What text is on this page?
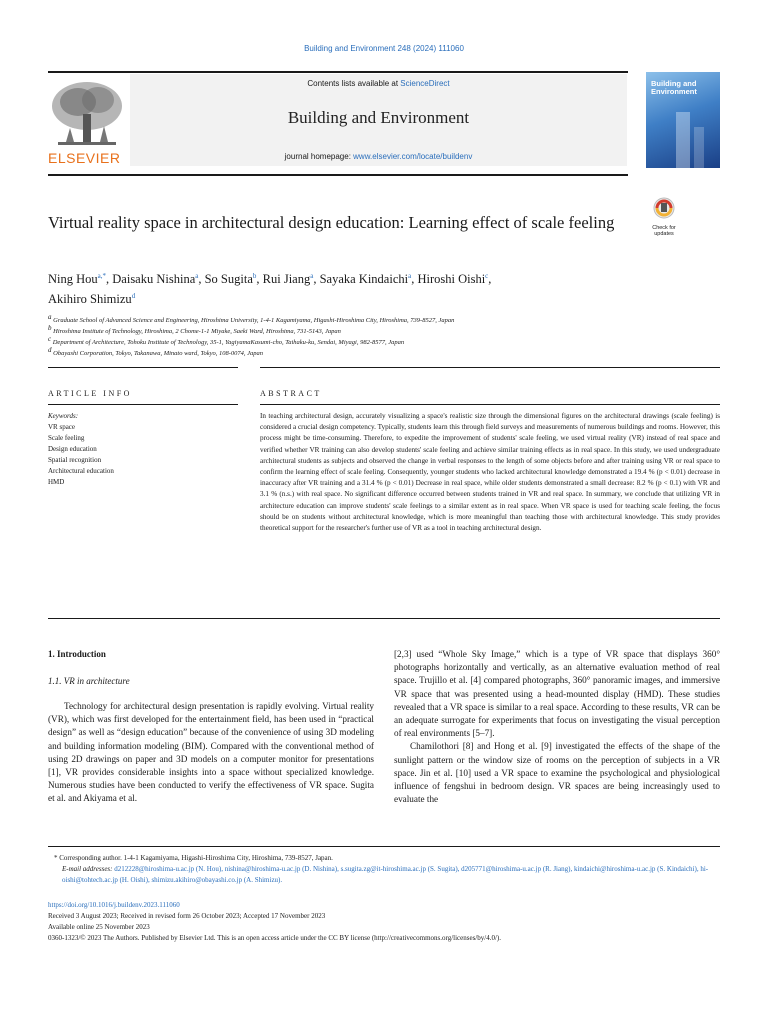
Building and Environment 248 (2024) 111060
ELSEVIER
Contents lists available at ScienceDirect
Building and Environment
journal homepage: www.elsevier.com/locate/buildenv
Building and Environment
Check for
updates
Virtual reality space in architectural design education: Learning effect of scale feeling
Ning Hou$^{a,*}$, Daisaku Nishina$^a$, So Sugita$^b$, Rui Jiang$^a$, Sayaka Kindaichi$^a$, Hiroshi Oishi$^c$,
Akihiro Shimizu$^d$
$^a$ Graduate School of Advanced Science and Engineering, Hiroshima University, 1-4-1 Kagamiyama, Higashi-Hiroshima City, Hiroshima, 739-8527, Japan
$^b$ Hiroshima Institute of Technology, Hiroshima, 2 Chome-1-1 Miyake, Saeki Ward, Hiroshima, 731-5143, Japan
$^c$ Department of Architecture, Tohoku Institute of Technology, 35-1, YagiyamaKasumi-cho, Taihaku-ku, Sendai, Miyagi, 982-8577, Japan
$^d$ Obayashi Corporation, Tokyo, Takanawa, Minato ward, Tokyo, 108-0074, Japan
ARTICLE INFO	ABSTRACT
Keywords:
VR space
Scale feeling
Design education
Spatial recognition
Architectural education
HMD
In teaching architectural design, accurately visualizing a space's realistic size through the dimensional figures on the architectural drawings (scale feeling) is considered a crucial design competency. Typically, students learn this through field surveys and measurements of numerous buildings and rooms. However, this process might be time-consuming. Therefore, to expedite the improvement of students' scale feeling, we used virtual reality (VR) instead of real space and verified whether VR training can also develop students' scale feeling and achieve similar training effects as in real space. In this study, we used undergraduate architectural students as subjects and observed the change in verbal responses to the length of some objects before and after training using VR or real space to confirm the learning effect of scale feeling. Consequently, younger students who lacked architectural knowledge demonstrated a 19.4 % (p < 0.01) decrease in inaccuracy after VR training and a 31.4 % (p < 0.01) Decrease in real space, while older students demonstrated a small decrease: 8.2 % (p < 0.1) with VR and 3.1 % (n.s.) with real space. No significant difference occurred between students trained in VR and real space. In summary, we conclude that utilizing VR in architecture education can improve students' scale feelings to a similar extent as in real space. When VR space is used for teaching scale feeling, the focus should be on students without architectural knowledge, which is more meaningful than teaching those with architectural knowledge. This study provides theoretical support for the researcher's further use of VR as a tool in teaching architectural design.
1. Introduction
1.1. VR in architecture

Technology for architectural design presentation is rapidly evolving. Virtual reality (VR), which was first developed for the entertainment field, has been used in “practical design” as well as “design education” because of the convenience of using 3D modeling and building information modeling (BIM). Compared with the conventional method of using 2D drawings on paper and 3D models on a computer monitor for presentations [1], VR provides considerable insights into a space without specialized knowledge. Numerous studies have been conducted to verify the effectiveness of VR space. Sugita et al. and Akiyama et al.

[2,3] used “Whole Sky Image,” which is a type of VR space that displays 360° photographs horizontally and vertically, as an alternative evaluation method of real space. Trujillo et al. [4] compared photographs, 360° panoramic images, and immersive VR space that was presented using a head-mounted display (HMD). These studies revealed that a VR space is similar to a real space. According to these results, VR can be an adequate surrogate for experiments that focus on investigating the visual perception of real environments [5–7].

Chamilothori [8] and Hong et al. [9] investigated the effects of the shape of the sunlight pattern or the window size of rooms on the perception of subjects in a VR space. Jin et al. [10] used a VR space to examine the psychological and physiological influence of fengshui in bedroom design. VR spaces are being increasingly used to evaluate the

* Corresponding author. 1-4-1 Kagamiyama, Higashi-Hiroshima City, Hiroshima, 739-8527, Japan.
E-mail addresses: d212228@hiroshima-u.ac.jp (N. Hou), nishina@hiroshima-u.ac.jp (D. Nishina), s.sugita.zg@it-hiroshima.ac.jp (S. Sugita), d205771@hiroshima-u.ac.jp (R. Jiang), kindaichi@hiroshima-u.ac.jp (S. Kindaichi), hi-oishi@tohtech.ac.jp (H. Oishi), shimizu.akihiro@obayashi.co.jp (A. Shimizu).
https://doi.org/10.1016/j.buildenv.2023.111060
Received 3 August 2023; Received in revised form 26 October 2023; Accepted 17 November 2023
Available online 25 November 2023
0360-1323/© 2023 The Authors. Published by Elsevier Ltd. This is an open access article under the CC BY license (http://creativecommons.org/licenses/by/4.0/).
